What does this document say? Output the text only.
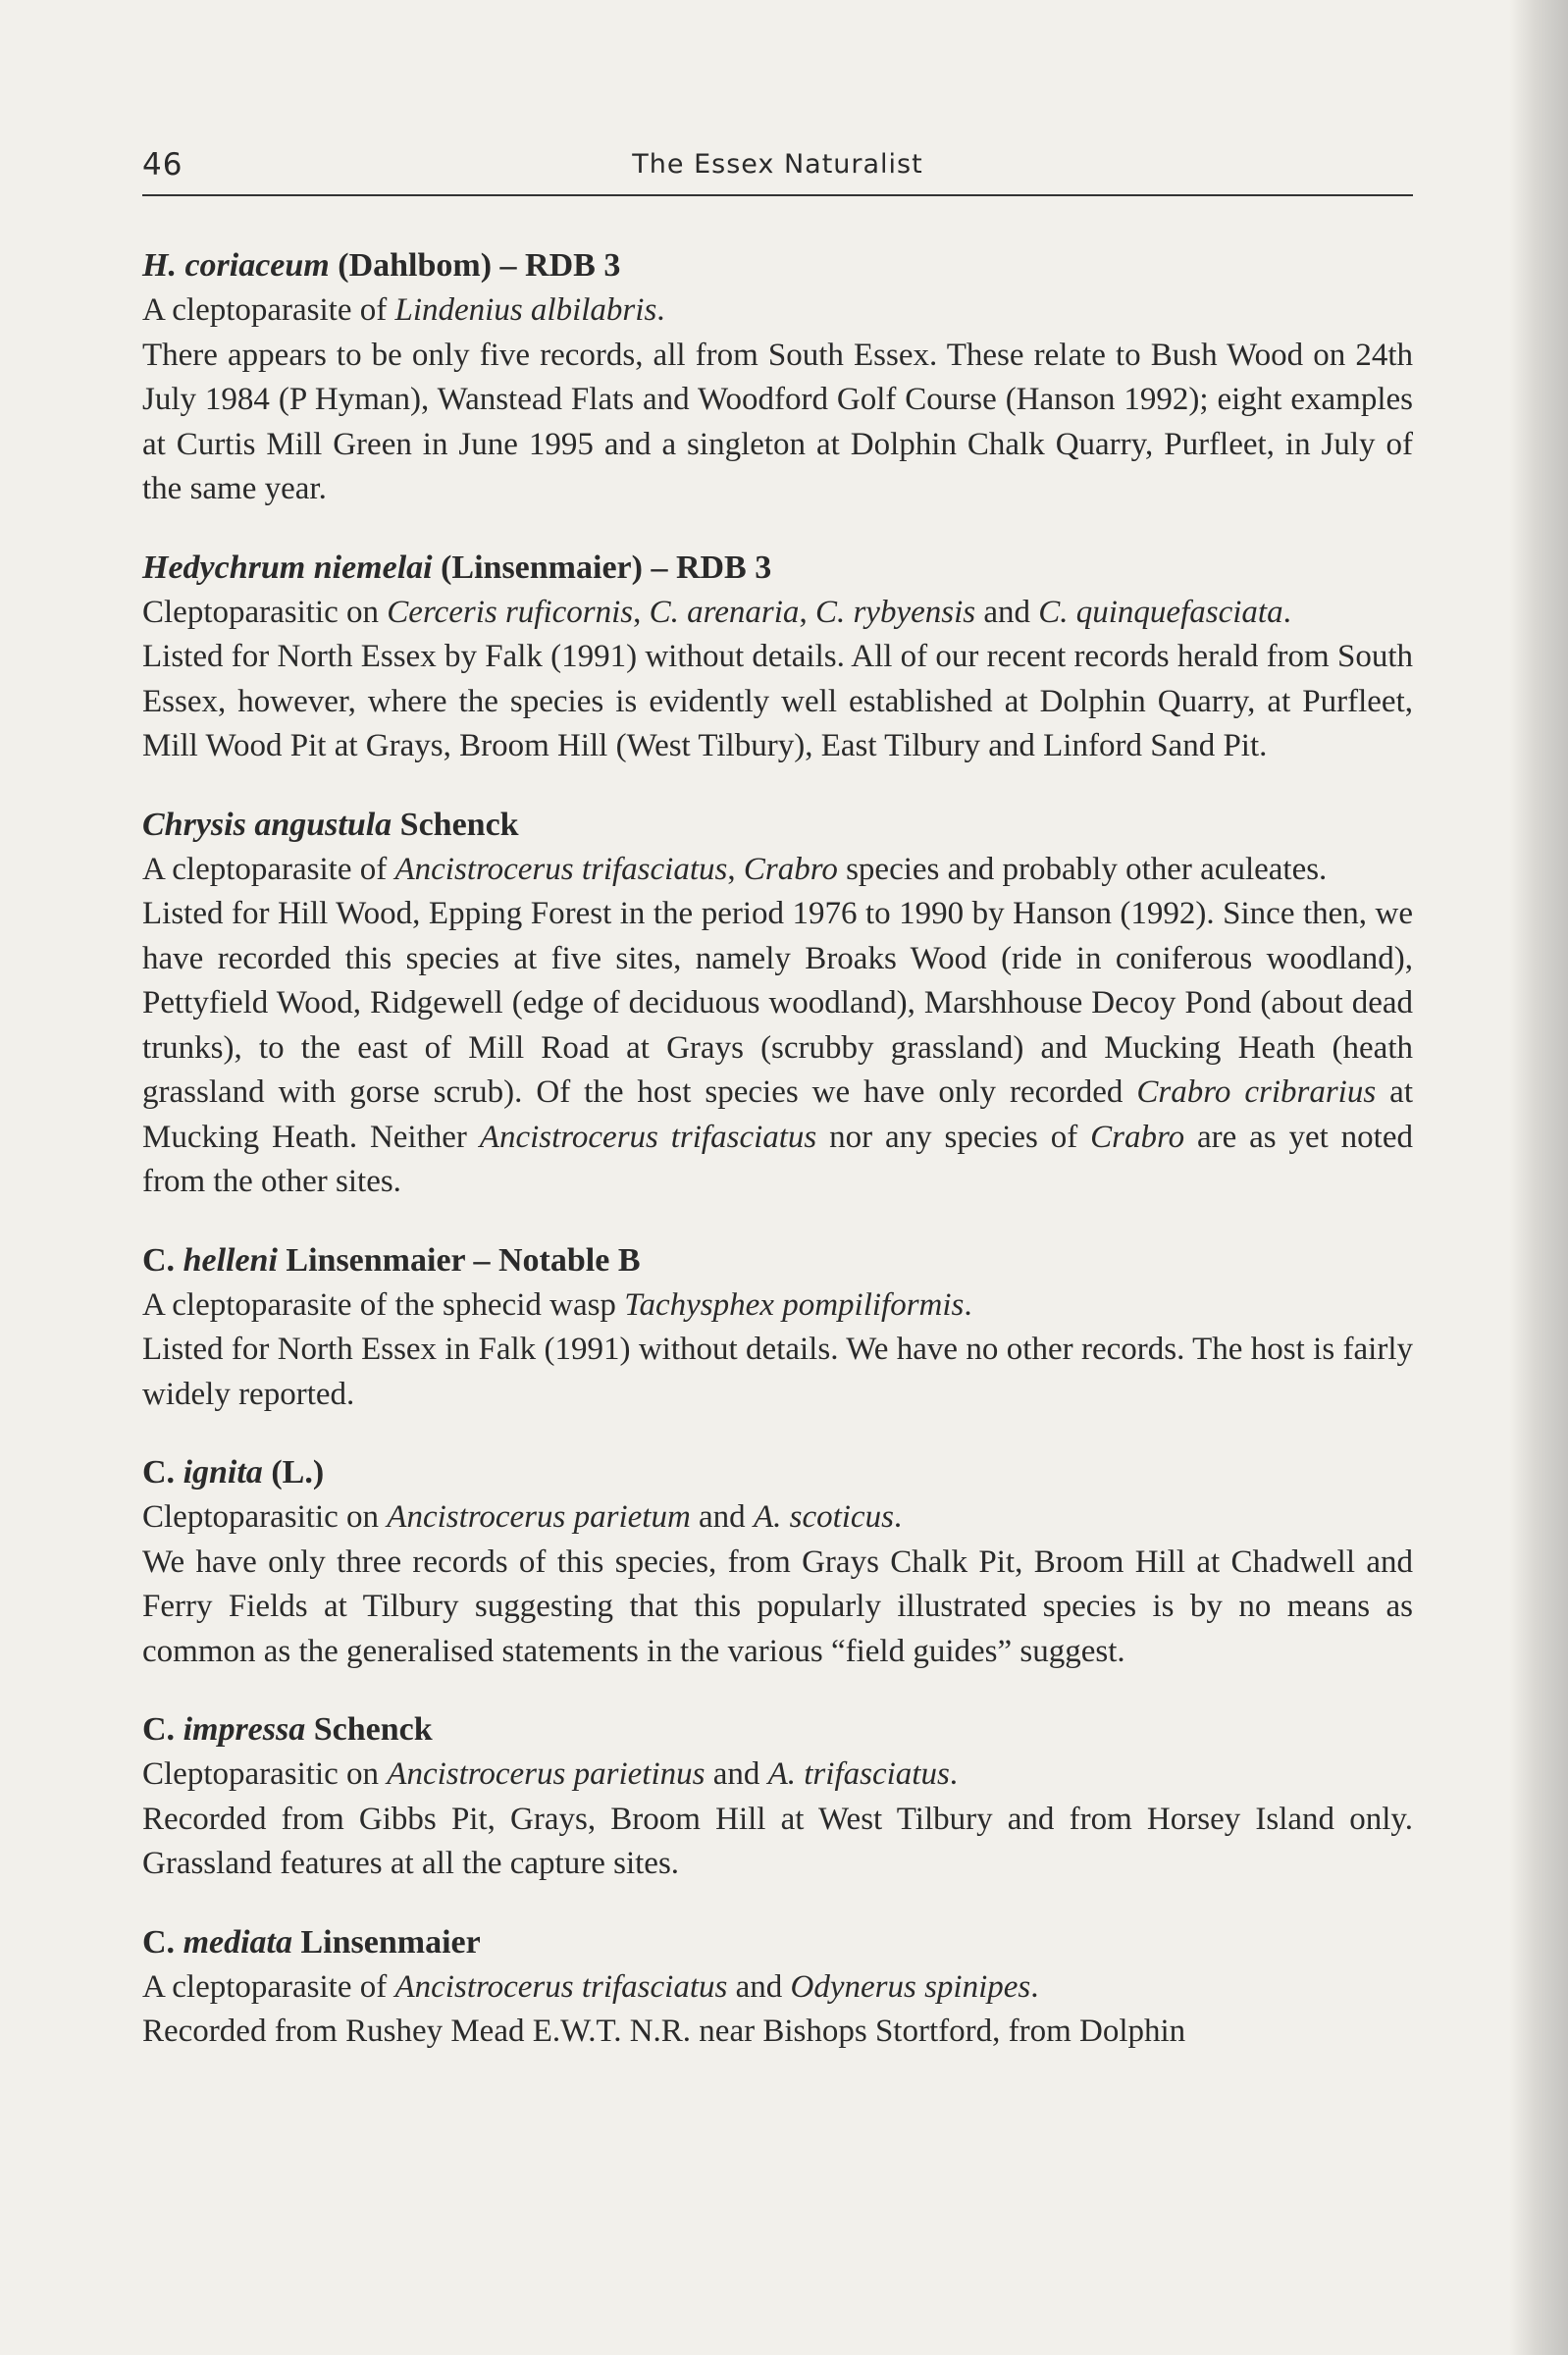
46	The Essex Naturalist

H. coriaceum (Dahlbom) – RDB 3

A cleptoparasite of Lindenius albilabris.

There appears to be only five records, all from South Essex. These relate to Bush Wood on 24th July 1984 (P Hyman), Wanstead Flats and Woodford Golf Course (Hanson 1992); eight examples at Curtis Mill Green in June 1995 and a singleton at Dolphin Chalk Quarry, Purfleet, in July of the same year.

Hedychrum niemelai (Linsenmaier) – RDB 3

Cleptoparasitic on Cerceris ruficornis, C. arenaria, C. rybyensis and C. quinquefasciata.

Listed for North Essex by Falk (1991) without details. All of our recent records herald from South Essex, however, where the species is evidently well established at Dolphin Quarry, at Purfleet, Mill Wood Pit at Grays, Broom Hill (West Tilbury), East Tilbury and Linford Sand Pit.

Chrysis angustula Schenck

A cleptoparasite of Ancistrocerus trifasciatus, Crabro species and probably other aculeates.

Listed for Hill Wood, Epping Forest in the period 1976 to 1990 by Hanson (1992). Since then, we have recorded this species at five sites, namely Broaks Wood (ride in coniferous woodland), Pettyfield Wood, Ridgewell (edge of deciduous woodland), Marshhouse Decoy Pond (about dead trunks), to the east of Mill Road at Grays (scrubby grassland) and Mucking Heath (heath grassland with gorse scrub). Of the host species we have only recorded Crabro cribrarius at Mucking Heath. Neither Ancistrocerus trifasciatus nor any species of Crabro are as yet noted from the other sites.

C. helleni Linsenmaier – Notable B

A cleptoparasite of the sphecid wasp Tachysphex pompiliformis.

Listed for North Essex in Falk (1991) without details. We have no other records. The host is fairly widely reported.

C. ignita (L.)

Cleptoparasitic on Ancistrocerus parietum and A. scoticus.

We have only three records of this species, from Grays Chalk Pit, Broom Hill at Chadwell and Ferry Fields at Tilbury suggesting that this popularly illustrated species is by no means as common as the generalised statements in the various “field guides” suggest.

C. impressa Schenck

Cleptoparasitic on Ancistrocerus parietinus and A. trifasciatus.

Recorded from Gibbs Pit, Grays, Broom Hill at West Tilbury and from Horsey Island only. Grassland features at all the capture sites.

C. mediata Linsenmaier

A cleptoparasite of Ancistrocerus trifasciatus and Odynerus spinipes.

Recorded from Rushey Mead E.W.T. N.R. near Bishops Stortford, from Dolphin
